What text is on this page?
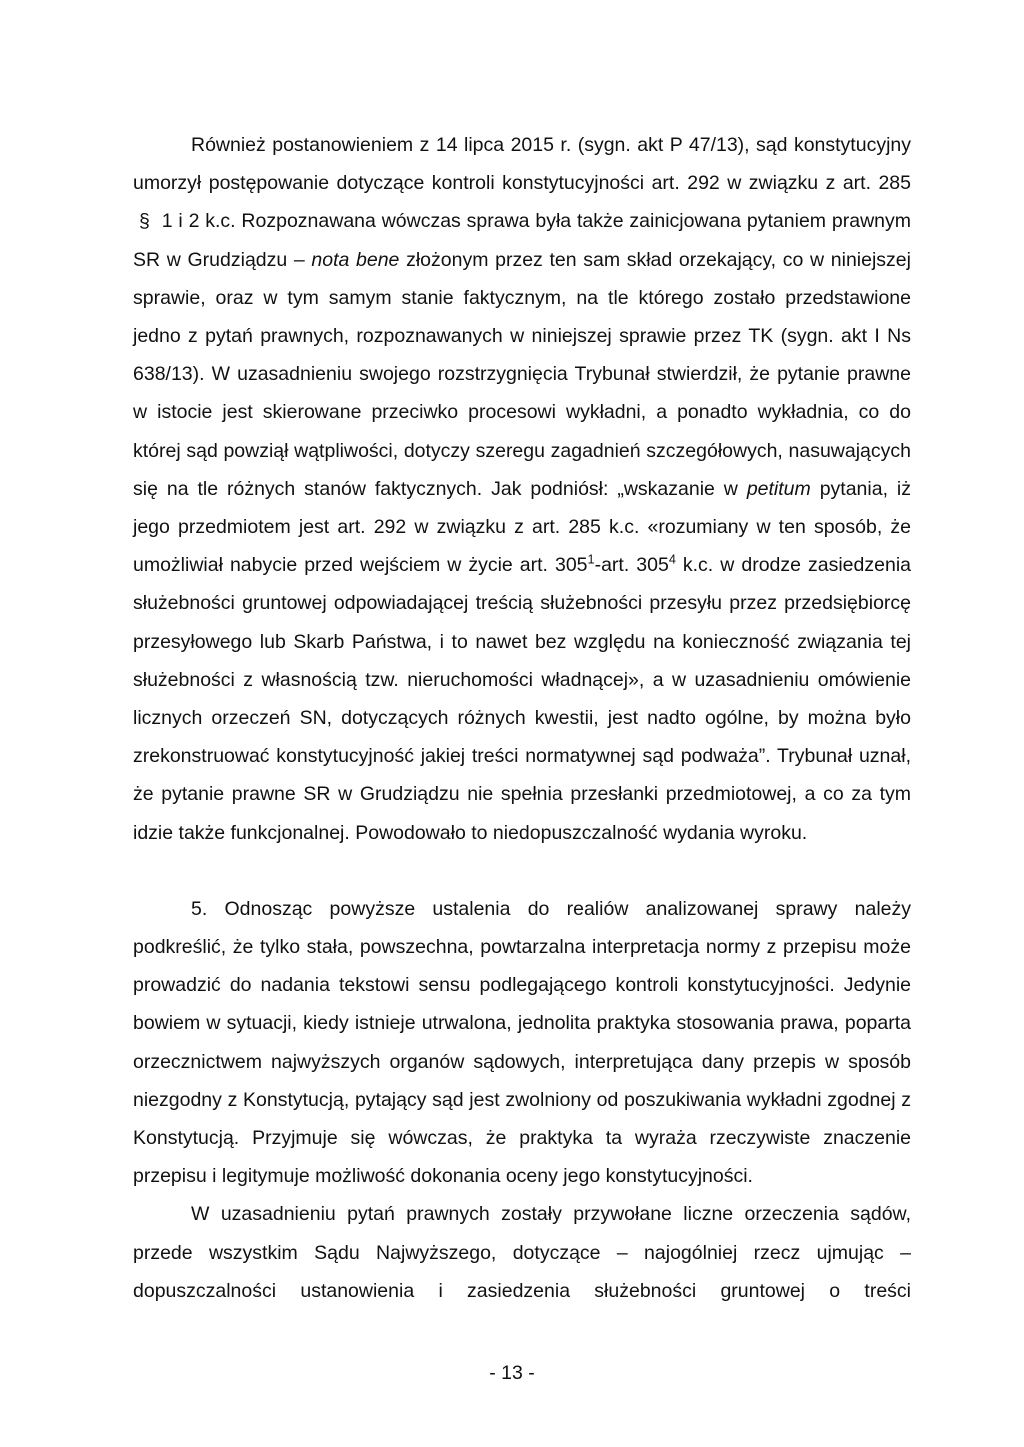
Również postanowieniem z 14 lipca 2015 r. (sygn. akt P 47/13), sąd konstytucyjny umorzył postępowanie dotyczące kontroli konstytucyjności art. 292 w związku z art. 285 § 1 i 2 k.c. Rozpoznawana wówczas sprawa była także zainicjowana pytaniem prawnym SR w Grudziądzu – nota bene złożonym przez ten sam skład orzekający, co w niniejszej sprawie, oraz w tym samym stanie faktycznym, na tle którego zostało przedstawione jedno z pytań prawnych, rozpoznawanych w niniejszej sprawie przez TK (sygn. akt I Ns 638/13). W uzasadnieniu swojego rozstrzygnięcia Trybunał stwierdził, że pytanie prawne w istocie jest skierowane przeciwko procesowi wykładni, a ponadto wykładnia, co do której sąd powziął wątpliwości, dotyczy szeregu zagadnień szczegółowych, nasuwających się na tle różnych stanów faktycznych. Jak podniósł: „wskazanie w petitum pytania, iż jego przedmiotem jest art. 292 w związku z art. 285 k.c. «rozumiany w ten sposób, że umożliwiał nabycie przed wejściem w życie art. $305^1$-art. $305^4$ k.c. w drodze zasiedzenia służebności gruntowej odpowiadającej treścią służebności przesyłu przez przedsiębiorcę przesyłowego lub Skarb Państwa, i to nawet bez względu na konieczność związania tej służebności z własnością tzw. nieruchomości władnącej», a w uzasadnieniu omówienie licznych orzeczeń SN, dotyczących różnych kwestii, jest nadto ogólne, by można było zrekonstruować konstytucyjność jakiej treści normatywnej sąd podważa”. Trybunał uznał, że pytanie prawne SR w Grudziądzu nie spełnia przesłanki przedmiotowej, a co za tym idzie także funkcjonalnej. Powodowało to niedopuszczalność wydania wyroku.

5. Odnosząc powyższe ustalenia do realiów analizowanej sprawy należy podkreślić, że tylko stała, powszechna, powtarzalna interpretacja normy z przepisu może prowadzić do nadania tekstowi sensu podlegającego kontroli konstytucyjności. Jedynie bowiem w sytuacji, kiedy istnieje utrwalona, jednolita praktyka stosowania prawa, poparta orzecznictwem najwyższych organów sądowych, interpretująca dany przepis w sposób niezgodny z Konstytucją, pytający sąd jest zwolniony od poszukiwania wykładni zgodnej z Konstytucją. Przyjmuje się wówczas, że praktyka ta wyraża rzeczywiste znaczenie przepisu i legitymuje możliwość dokonania oceny jego konstytucyjności.

W uzasadnieniu pytań prawnych zostały przywołane liczne orzeczenia sądów, przede wszystkim Sądu Najwyższego, dotyczące – najogólniej rzecz ujmując – dopuszczalności ustanowienia i zasiedzenia służebności gruntowej o treści

- 13 -
